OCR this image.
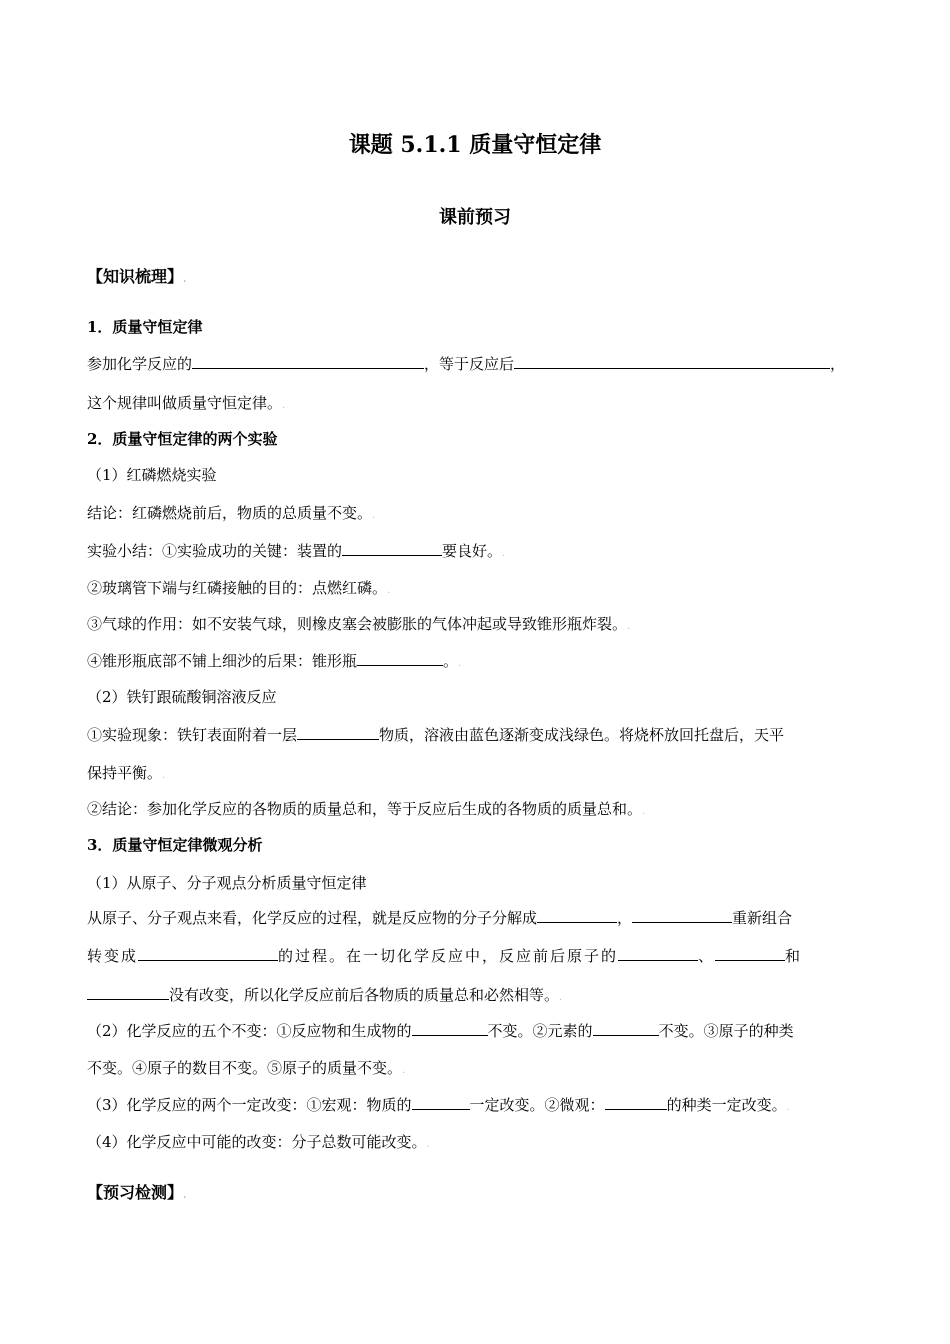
课题 5.1.1 质量守恒定律
课前预习
【知识梳理】.
1．质量守恒定律
参加化学反应的	，等于反应后	，
这个规律叫做质量守恒定律。.
2．质量守恒定律的两个实验
（1）红磷燃烧实验
结论：红磷燃烧前后，物质的总质量不变。.
实验小结：①实验成功的关键：装置的	要良好。.
②玻璃管下端与红磷接触的目的：点燃红磷。.
③气球的作用：如不安装气球，则橡皮塞会被膨胀的气体冲起或导致锥形瓶炸裂。.
④锥形瓶底部不铺上细沙的后果：锥形瓶	。.
（2）铁钉跟硫酸铜溶液反应
①实验现象：铁钉表面附着一层	物质，溶液由蓝色逐渐变成浅绿色。将烧杯放回托盘后，天平
保持平衡。.
②结论：参加化学反应的各物质的质量总和，等于反应后生成的各物质的质量总和。.
3．质量守恒定律微观分析
（1）从原子、分子观点分析质量守恒定律
从原子、分子观点来看，化学反应的过程，就是反应物的分子分解成	，	重新组合
转变成	的过程。在一切化学反应中，反应前后原子的	、	和
没有改变，所以化学反应前后各物质的质量总和必然相等。.
（2）化学反应的五个不变：①反应物和生成物的	不变。②元素的	不变。③原子的种类
不变。④原子的数目不变。⑤原子的质量不变。.
（3）化学反应的两个一定改变：①宏观：物质的	一定改变。②微观：	的种类一定改变。.
（4）化学反应中可能的改变：分子总数可能改变。.
【预习检测】.
